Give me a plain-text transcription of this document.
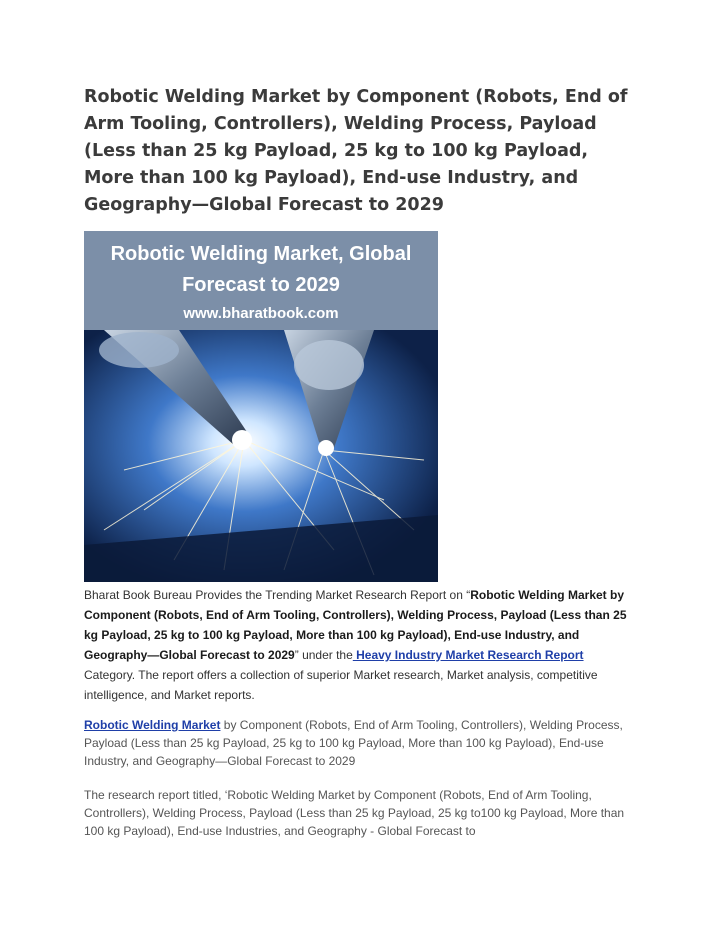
Robotic Welding Market by Component (Robots, End of Arm Tooling, Controllers), Welding Process, Payload (Less than 25 kg Payload, 25 kg to 100 kg Payload, More than 100 kg Payload), End-use Industry, and Geography—Global Forecast to 2029
Robotic Welding Market, Global
Forecast to 2029
www.bharatbook.com
Bharat Book Bureau Provides the Trending Market Research Report on “Robotic Welding Market by Component (Robots, End of Arm Tooling, Controllers), Welding Process, Payload (Less than 25 kg Payload, 25 kg to 100 kg Payload, More than 100 kg Payload), End-use Industry, and Geography—Global Forecast to 2029” under the Heavy Industry Market Research Report Category. The report offers a collection of superior Market research, Market analysis, competitive intelligence, and Market reports.
Robotic Welding Market by Component (Robots, End of Arm Tooling, Controllers), Welding Process, Payload (Less than 25 kg Payload, 25 kg to 100 kg Payload, More than 100 kg Payload), End-use Industry, and Geography—Global Forecast to 2029
The research report titled, ‘Robotic Welding Market by Component (Robots, End of Arm Tooling, Controllers), Welding Process, Payload (Less than 25 kg Payload, 25 kg to100 kg Payload, More than 100 kg Payload), End-use Industries, and Geography - Global Forecast to
